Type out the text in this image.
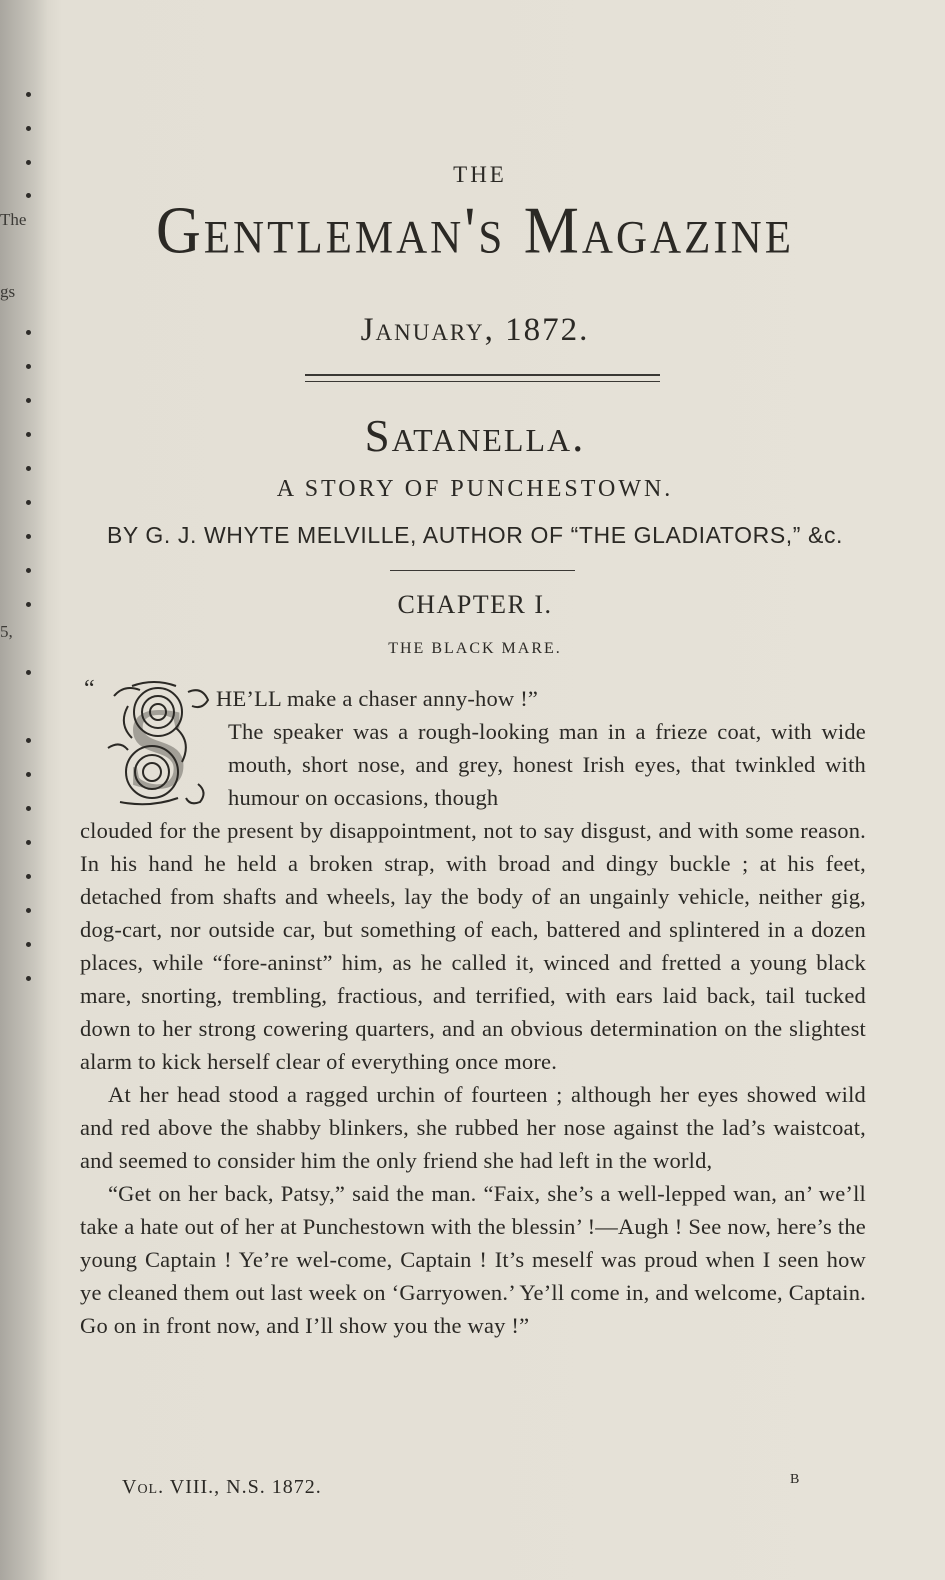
The
gs
5,
THE
Gentleman's Magazine
January, 1872.
Satanella.
A STORY OF PUNCHESTOWN.
BY G. J. WHYTE MELVILLE, AUTHOR OF “THE GLADIATORS,” &c.
CHAPTER I.
THE BLACK MARE.
“ S	HE’LL make a chaser anny-how !”

The speaker was a rough-looking man in a frieze coat, with wide mouth, short nose, and grey, honest Irish eyes, that twinkled with humour on occasions, though

clouded for the present by disappointment, not to say disgust, and with some reason. In his hand he held a broken strap, with broad and dingy buckle ; at his feet, detached from shafts and wheels, lay the body of an ungainly vehicle, neither gig, dog-cart, nor outside car, but something of each, battered and splintered in a dozen places, while “fore-aninst” him, as he called it, winced and fretted a young black mare, snorting, trembling, fractious, and terrified, with ears laid back, tail tucked down to her strong cowering quarters, and an obvious determination on the slightest alarm to kick herself clear of everything once more.

At her head stood a ragged urchin of fourteen ; although her eyes showed wild and red above the shabby blinkers, she rubbed her nose against the lad’s waistcoat, and seemed to consider him the only friend she had left in the world,

“Get on her back, Patsy,” said the man. “Faix, she’s a well-lepped wan, an’ we’ll take a hate out of her at Punchestown with the blessin’ !—Augh ! See now, here’s the young Captain ! Ye’re wel-come, Captain ! It’s meself was proud when I seen how ye cleaned them out last week on ‘Garryowen.’ Ye’ll come in, and welcome, Captain. Go on in front now, and I’ll show you the way !”

Vol. VIII., N.S. 1872.	B
